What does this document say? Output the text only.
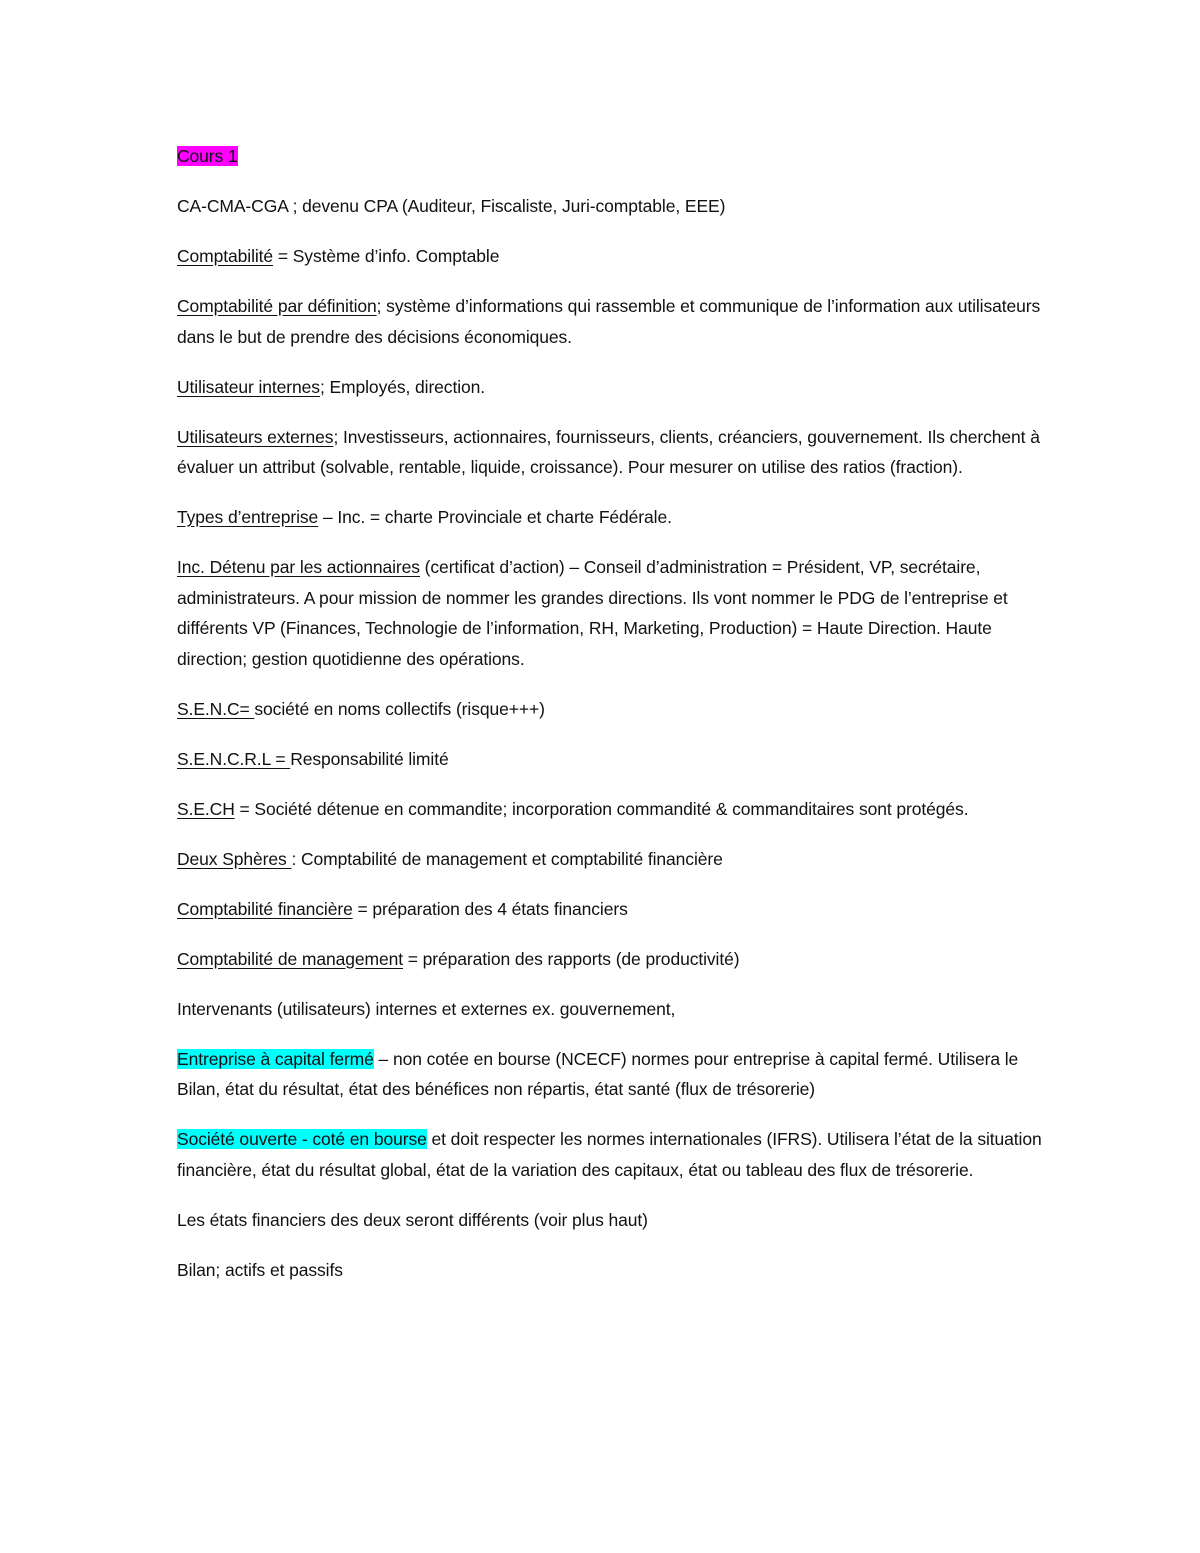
Cours 1

CA-CMA-CGA ; devenu CPA (Auditeur, Fiscaliste, Juri-comptable, EEE)

Comptabilité = Système d’info. Comptable

Comptabilité par définition; système d’informations qui rassemble et communique de l’information aux utilisateurs dans le but de prendre des décisions économiques.

Utilisateur internes; Employés, direction.

Utilisateurs externes; Investisseurs, actionnaires, fournisseurs, clients, créanciers, gouvernement. Ils cherchent à évaluer un attribut (solvable, rentable, liquide, croissance). Pour mesurer on utilise des ratios (fraction).

Types d’entreprise – Inc. = charte Provinciale et charte Fédérale.

Inc. Détenu par les actionnaires (certificat d’action) – Conseil d’administration = Président, VP, secrétaire, administrateurs. A pour mission de nommer les grandes directions. Ils vont nommer le PDG de l’entreprise et différents VP (Finances, Technologie de l’information, RH, Marketing, Production) = Haute Direction. Haute direction; gestion quotidienne des opérations.

S.E.N.C= société en noms collectifs (risque+++)

S.E.N.C.R.L = Responsabilité limité

S.E.CH = Société détenue en commandite; incorporation commandité & commanditaires sont protégés.

Deux Sphères : Comptabilité de management et comptabilité financière

Comptabilité financière = préparation des 4 états financiers

Comptabilité de management = préparation des rapports (de productivité)

Intervenants (utilisateurs) internes et externes ex. gouvernement,

Entreprise à capital fermé – non cotée en bourse (NCECF) normes pour entreprise à capital fermé. Utilisera le Bilan, état du résultat, état des bénéfices non répartis, état santé (flux de trésorerie)

Société ouverte - coté en bourse et doit respecter les normes internationales (IFRS). Utilisera l’état de la situation financière, état du résultat global, état de la variation des capitaux, état ou tableau des flux de trésorerie.

Les états financiers des deux seront différents (voir plus haut)

Bilan; actifs et passifs
